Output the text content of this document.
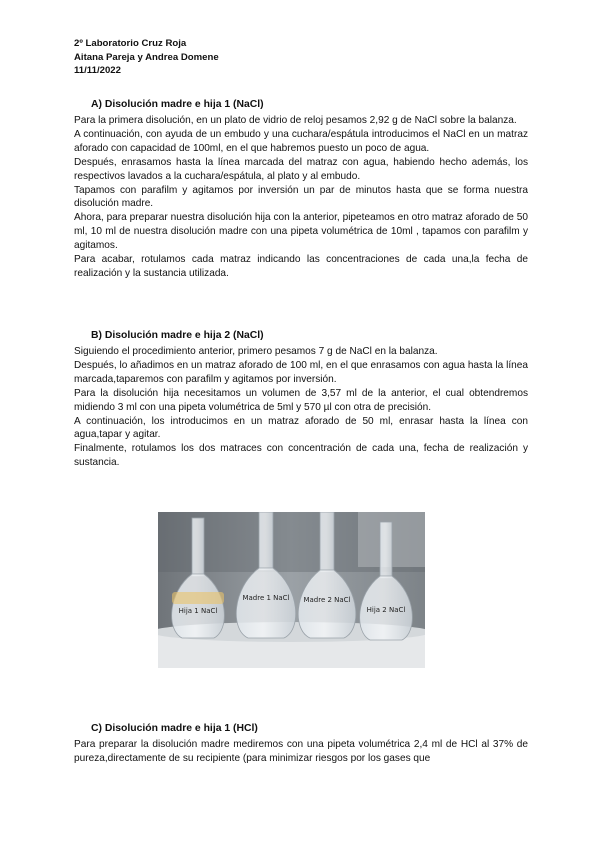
2º Laboratorio Cruz Roja
Aitana Pareja y Andrea Domene
11/11/2022
A) Disolución madre e hija 1 (NaCl)

Para la primera disolución, en un plato de vidrio de reloj pesamos 2,92 g de NaCl sobre la balanza.

A continuación, con ayuda de un embudo y una cuchara/espátula introducimos el NaCl en un matraz aforado con capacidad de 100ml, en el que habremos puesto un poco de agua.

Después, enrasamos hasta la línea marcada del matraz con agua, habiendo hecho además, los respectivos lavados a la cuchara/espátula, al plato y al embudo.

Tapamos con parafilm y agitamos por inversión un par de minutos hasta que se forma nuestra disolución madre.

Ahora, para preparar nuestra disolución hija con la anterior, pipeteamos en otro matraz aforado de 50 ml, 10 ml de nuestra disolución madre con una pipeta volumétrica de 10ml , tapamos con parafilm y agitamos.

Para acabar, rotulamos cada matraz indicando las concentraciones de cada una,la fecha de realización y la sustancia utilizada.

B) Disolución madre e hija 2 (NaCl)

Siguiendo el procedimiento anterior, primero pesamos 7 g de NaCl en la balanza.

Después, lo añadimos en un matraz aforado de 100 ml, en el que enrasamos con agua hasta la línea marcada,taparemos con parafilm y agitamos por inversión.

Para la disolución hija necesitamos un volumen de 3,57 ml de la anterior, el cual obtendremos midiendo 3 ml con una pipeta volumétrica de 5ml y 570 µl con otra de precisión.

A continuación, los introducimos en un matraz aforado de 50 ml, enrasar hasta la línea con agua,tapar y agitar.

Finalmente, rotulamos los dos matraces con concentración de cada una, fecha de realización y sustancia.

Hija 1 NaCl
Madre 1 NaCl Madre 2 NaCl
Hija 2 NaCl
C) Disolución madre e hija 1 (HCl)

Para preparar la disolución madre mediremos con una pipeta volumétrica 2,4 ml de HCl al 37% de pureza,directamente de su recipiente (para minimizar riesgos por los gases que
